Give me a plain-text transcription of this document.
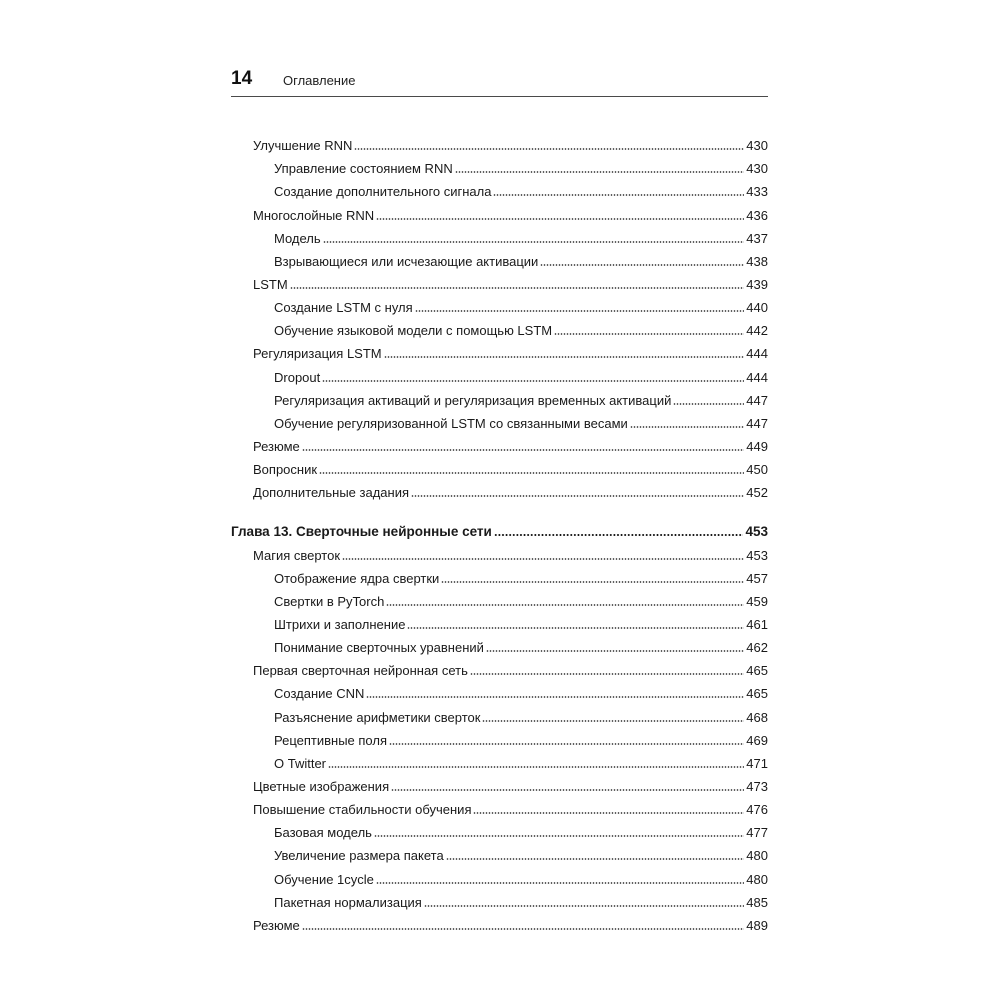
14 Оглавление
Улучшение RNN	430
Управление состоянием RNN	430
Создание дополнительного сигнала	433
Многослойные RNN	436
Модель	437
Взрывающиеся или исчезающие активации	438
LSTM	439
Создание LSTM с нуля	440
Обучение языковой модели с помощью LSTM	442
Регуляризация LSTM	444
Dropout	444
Регуляризация активаций и регуляризация временных активаций	447
Обучение регуляризованной LSTM со связанными весами	447
Резюме	449
Вопросник	450
Дополнительные задания	452
Глава 13. Сверточные нейронные сети	453
Магия сверток	453
Отображение ядра свертки	457
Свертки в PyTorch	459
Штрихи и заполнение	461
Понимание сверточных уравнений	462
Первая сверточная нейронная сеть	465
Создание CNN	465
Разъяснение арифметики сверток	468
Рецептивные поля	469
О Twitter	471
Цветные изображения	473
Повышение стабильности обучения	476
Базовая модель	477
Увеличение размера пакета	480
Обучение 1cycle	480
Пакетная нормализация	485
Резюме	489
